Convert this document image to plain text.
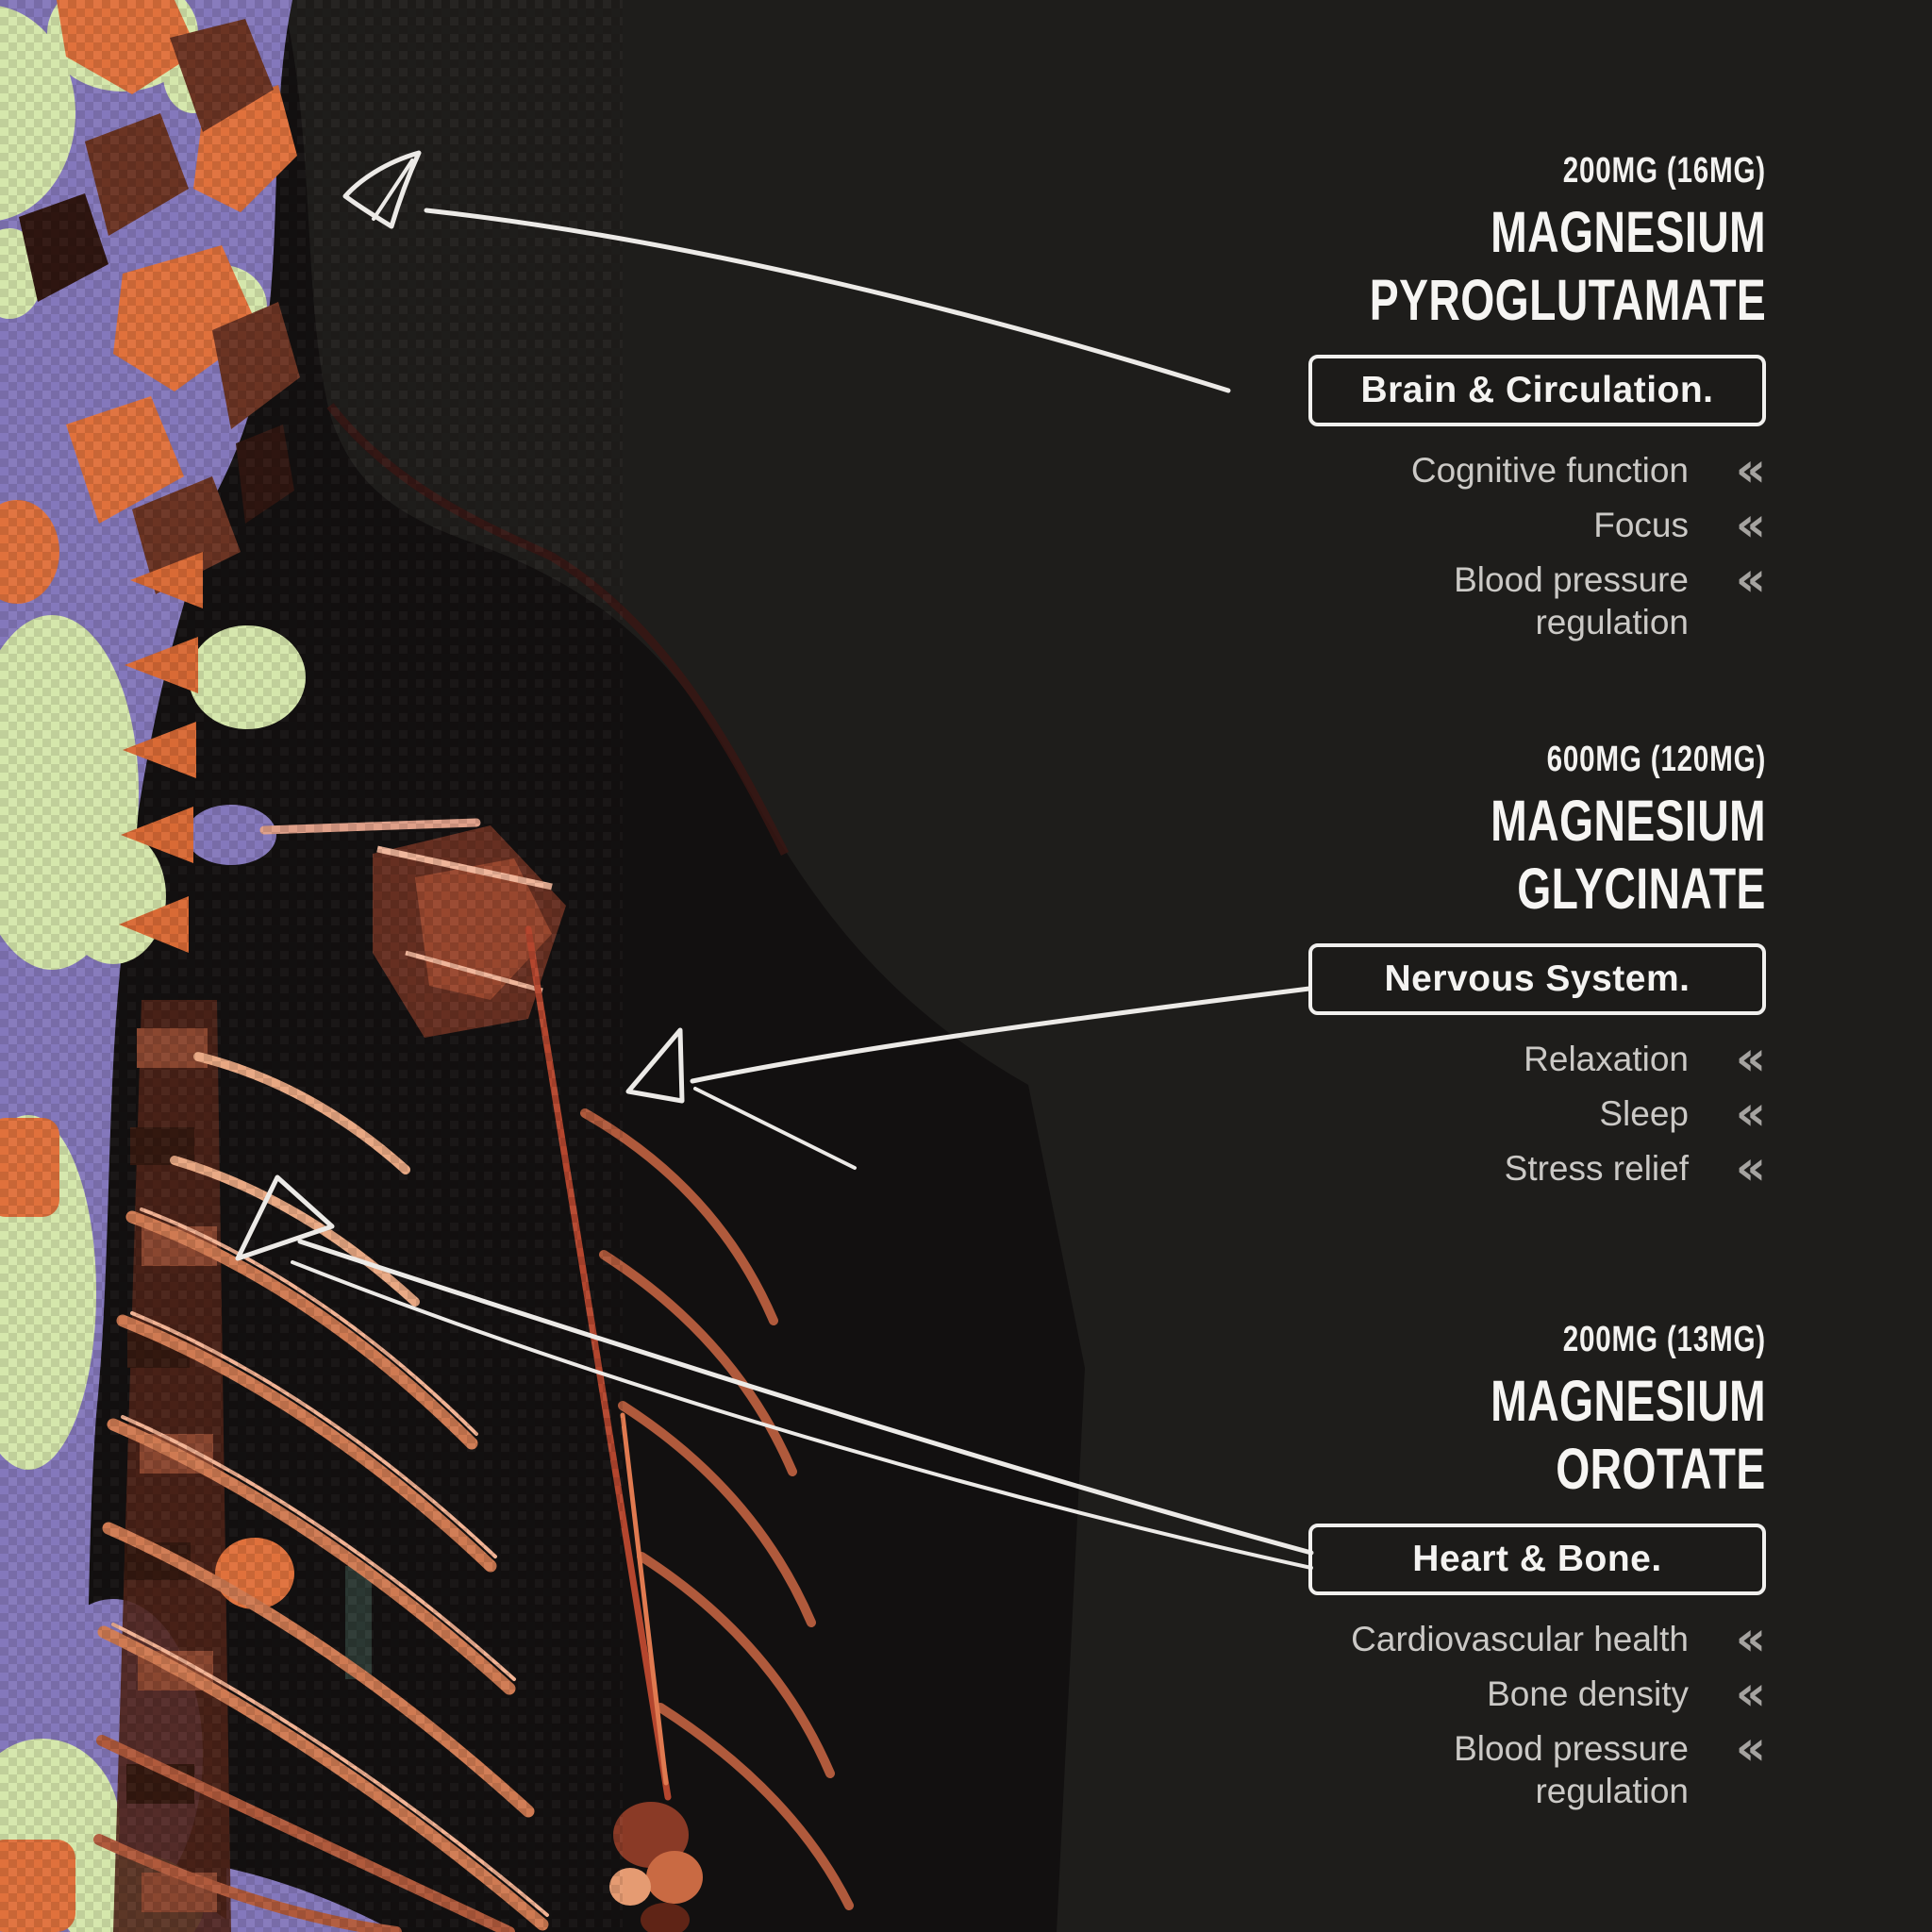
200MG (16MG)
MAGNESIUM
PYROGLUTAMATE
Brain & Circulation.
Cognitive function «
Focus «
Blood pressure regulation
«
600MG (120MG)
MAGNESIUM
GLYCINATE
Nervous System.
Relaxation «
Sleep «
Stress relief «
200MG (13MG)
MAGNESIUM
OROTATE
Heart & Bone.
Cardiovascular health «
Bone density «
Blood pressure regulation
«
